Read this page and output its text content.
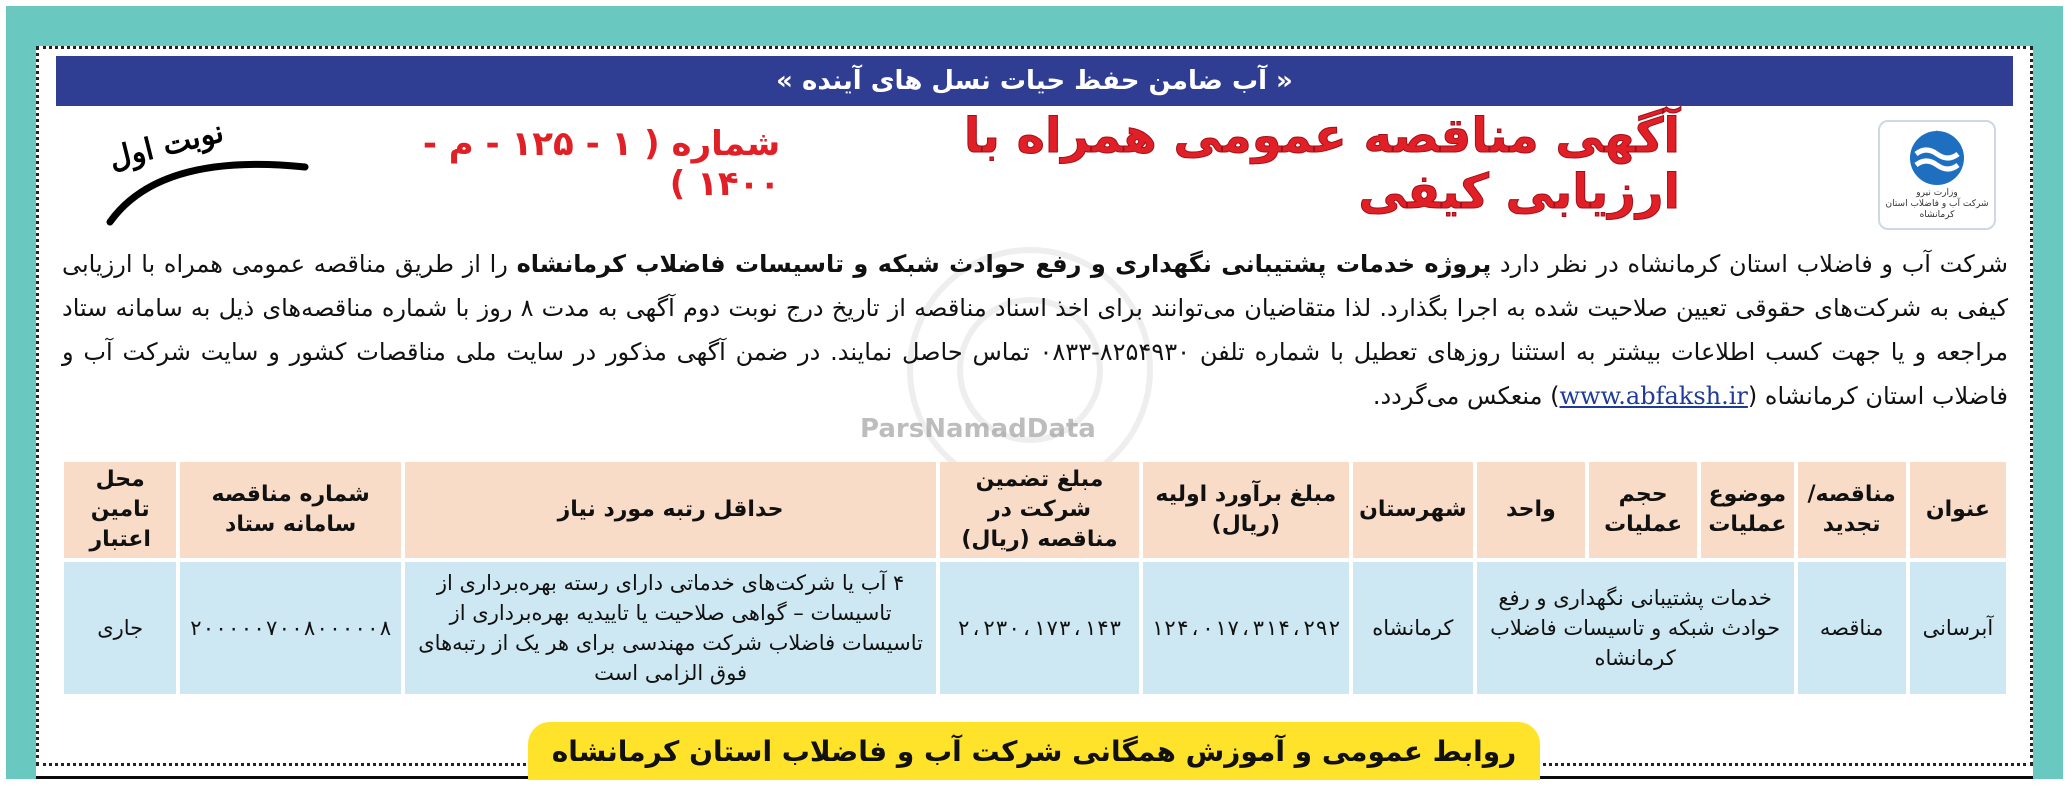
« آب ضامن حفظ حیات نسل های آینده »
وزارت نیرو
شرکت آب و فاضلاب استان کرمانشاه
آگهی مناقصه عمومی همراه با ارزیابی کیفی
شماره ( ۱ - ۱۲۵ - م - ۱۴۰۰ )
نوبت اول
ParsNamadData
شرکت آب و فاضلاب استان کرمانشاه در نظر دارد پروژه خدمات پشتیبانی نگهداری و رفع حوادث شبکه و تاسیسات فاضلاب کرمانشاه را از طریق مناقصه عمومی همراه با ارزیابی کیفی به شرکت‌های حقوقی تعیین صلاحیت شده به اجرا بگذارد. لذا متقاضیان می‌توانند برای اخذ اسناد مناقصه از تاریخ درج نوبت دوم آگهی به مدت ۸ روز با شماره مناقصه‌های ذیل به سامانه ستاد مراجعه و یا جهت کسب اطلاعات بیشتر به استثنا روزهای تعطیل با شماره تلفن ۸۲۵۴۹۳۰-۰۸۳۳ تماس حاصل نمایند. در ضمن آگهی مذکور در سایت ملی مناقصات کشور و سایت شرکت آب و فاضلاب استان کرمانشاه (www.abfaksh.ir) منعکس می‌گردد.
عنوان	مناقصه/ تجدید	موضوع عملیات	حجم عملیات	واحد	شهرستان	مبلغ برآورد اولیه (ریال)	مبلغ تضمین شرکت در مناقصه (ریال)	حداقل رتبه مورد نیاز	شماره مناقصه سامانه ستاد	محل تامین اعتبار
آبرسانی	مناقصه	خدمات پشتیبانی نگهداری و رفع حوادث شبکه و تاسیسات فاضلاب کرمانشاه			کرمانشاه	۱۲۴،۰۱۷،۳۱۴،۲۹۲	۲،۲۳۰،۱۷۳،۱۴۳	۴ آب یا شرکت‌های خدماتی دارای رسته بهره‌برداری از تاسیسات – گواهی صلاحیت یا تاییدیه بهره‌برداری از تاسیسات فاضلاب شرکت مهندسی برای هر یک از رتبه‌های فوق الزامی است	۲۰۰۰۰۰۷۰۰۸۰۰۰۰۰۸	جاری
روابط عمومی و آموزش همگانی شرکت آب و فاضلاب استان کرمانشاه
